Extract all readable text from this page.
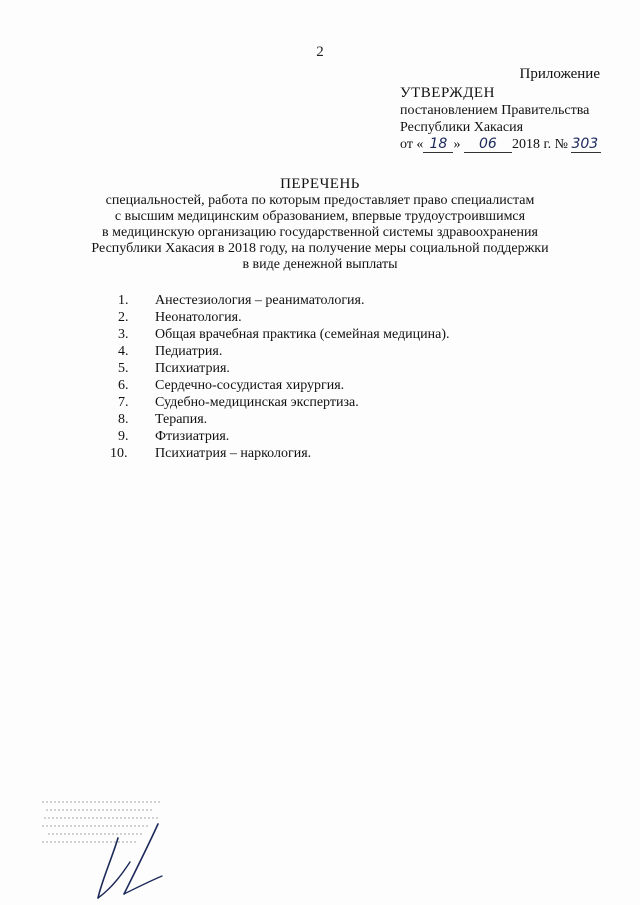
2
Приложение
УТВЕРЖДЕН
постановлением Правительства
Республики Хакасия
от « 18 » 06 2018 г. № 303
ПЕРЕЧЕНЬ
специальностей, работа по которым предоставляет право специалистам
с высшим медицинским образованием, впервые трудоустроившимся
в медицинскую организацию государственной системы здравоохранения
Республики Хакасия в 2018 году, на получение меры социальной поддержки
в виде денежной выплаты
1.	Анестезиология – реаниматология.
2.	Неонатология.
3.	Общая врачебная практика (семейная медицина).
4.	Педиатрия.
5.	Психиатрия.
6.	Сердечно-сосудистая хирургия.
7.	Судебно-медицинская экспертиза.
8.	Терапия.
9.	Фтизиатрия.
10.	Психиатрия – наркология.
